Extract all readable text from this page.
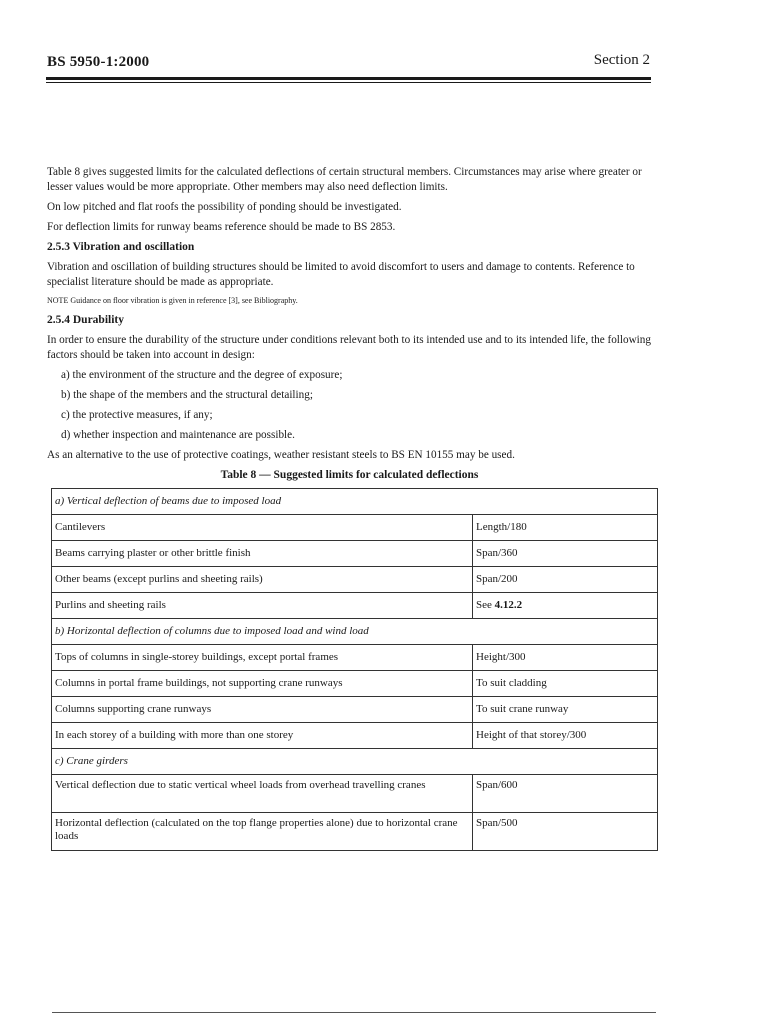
BS 5950-1:2000	Section 2

Table 8 gives suggested limits for the calculated deflections of certain structural members. Circumstances may arise where greater or lesser values would be more appropriate. Other members may also need deflection limits.

On low pitched and flat roofs the possibility of ponding should be investigated.

For deflection limits for runway beams reference should be made to BS 2853.

2.5.3 Vibration and oscillation

Vibration and oscillation of building structures should be limited to avoid discomfort to users and damage to contents. Reference to specialist literature should be made as appropriate.

NOTE Guidance on floor vibration is given in reference [3], see Bibliography.

2.5.4 Durability

In order to ensure the durability of the structure under conditions relevant both to its intended use and to its intended life, the following factors should be taken into account in design:

a) the environment of the structure and the degree of exposure;
b) the shape of the members and the structural detailing;
c) the protective measures, if any;
d) whether inspection and maintenance are possible.

As an alternative to the use of protective coatings, weather resistant steels to BS EN 10155 may be used.

Table 8 — Suggested limits for calculated deflections
a) Vertical deflection of beams due to imposed load	
Cantilevers	Length/180
Beams carrying plaster or other brittle finish	Span/360
Other beams (except purlins and sheeting rails)	Span/200
Purlins and sheeting rails	See 4.12.2
b) Horizontal deflection of columns due to imposed load and wind load	
Tops of columns in single-storey buildings, except portal frames	Height/300
Columns in portal frame buildings, not supporting crane runways	To suit cladding
Columns supporting crane runways	To suit crane runway
In each storey of a building with more than one storey	Height of that storey/300
c) Crane girders	
Vertical deflection due to static vertical wheel loads from overhead travelling cranes	Span/600
Horizontal deflection (calculated on the top flange properties alone) due to horizontal crane loads	Span/500
